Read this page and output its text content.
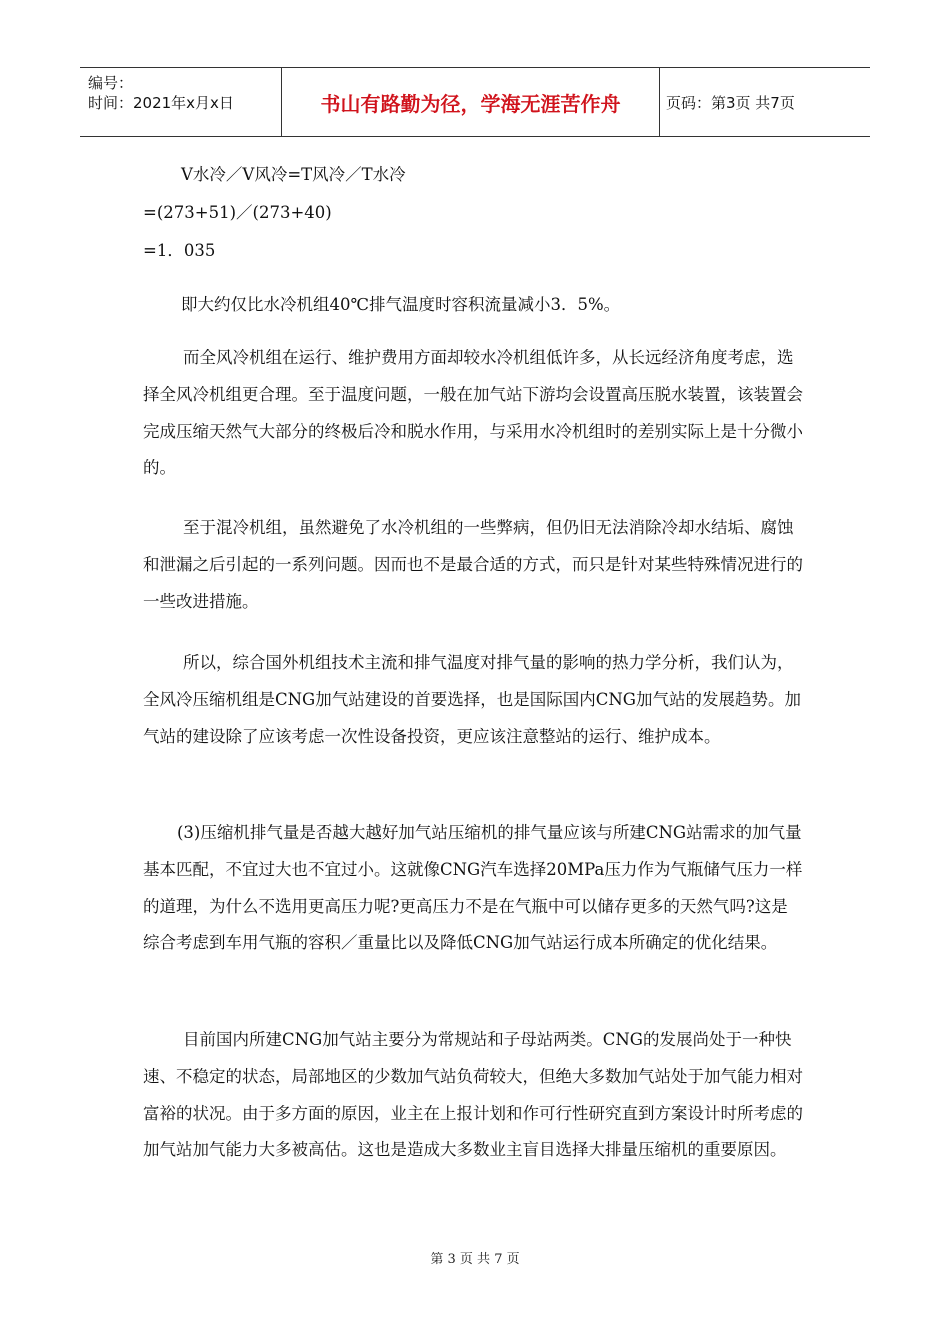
编号：
时间：2021年x月x日	书山有路勤为径，学海无涯苦作舟	页码：第3页 共7页
V水冷／V风冷=T风冷／T水冷
=(273+51)／(273+40)
=1．035
即大约仅比水冷机组40℃排气温度时容积流量减小3．5%。
而全风冷机组在运行、维护费用方面却较水冷机组低许多，从长远经济角度考虑，选择全风冷机组更合理。至于温度问题，一般在加气站下游均会设置高压脱水装置，该装置会完成压缩天然气大部分的终极后冷和脱水作用，与采用水冷机组时的差别实际上是十分微小的。
至于混冷机组，虽然避免了水冷机组的一些弊病，但仍旧无法消除冷却水结垢、腐蚀和泄漏之后引起的一系列问题。因而也不是最合适的方式，而只是针对某些特殊情况进行的一些改进措施。
所以，综合国外机组技术主流和排气温度对排气量的影响的热力学分析，我们认为，全风冷压缩机组是CNG加气站建设的首要选择，也是国际国内CNG加气站的发展趋势。加气站的建设除了应该考虑一次性设备投资，更应该注意整站的运行、维护成本。
(3)压缩机排气量是否越大越好加气站压缩机的排气量应该与所建CNG站需求的加气量基本匹配，不宜过大也不宜过小。这就像CNG汽车选择20MPa压力作为气瓶储气压力一样的道理，为什么不选用更高压力呢?更高压力不是在气瓶中可以储存更多的天然气吗?这是综合考虑到车用气瓶的容积／重量比以及降低CNG加气站运行成本所确定的优化结果。
目前国内所建CNG加气站主要分为常规站和子母站两类。CNG的发展尚处于一种快速、不稳定的状态，局部地区的少数加气站负荷较大，但绝大多数加气站处于加气能力相对富裕的状况。由于多方面的原因，业主在上报计划和作可行性研究直到方案设计时所考虑的加气站加气能力大多被高估。这也是造成大多数业主盲目选择大排量压缩机的重要原因。
第 3 页 共 7 页
